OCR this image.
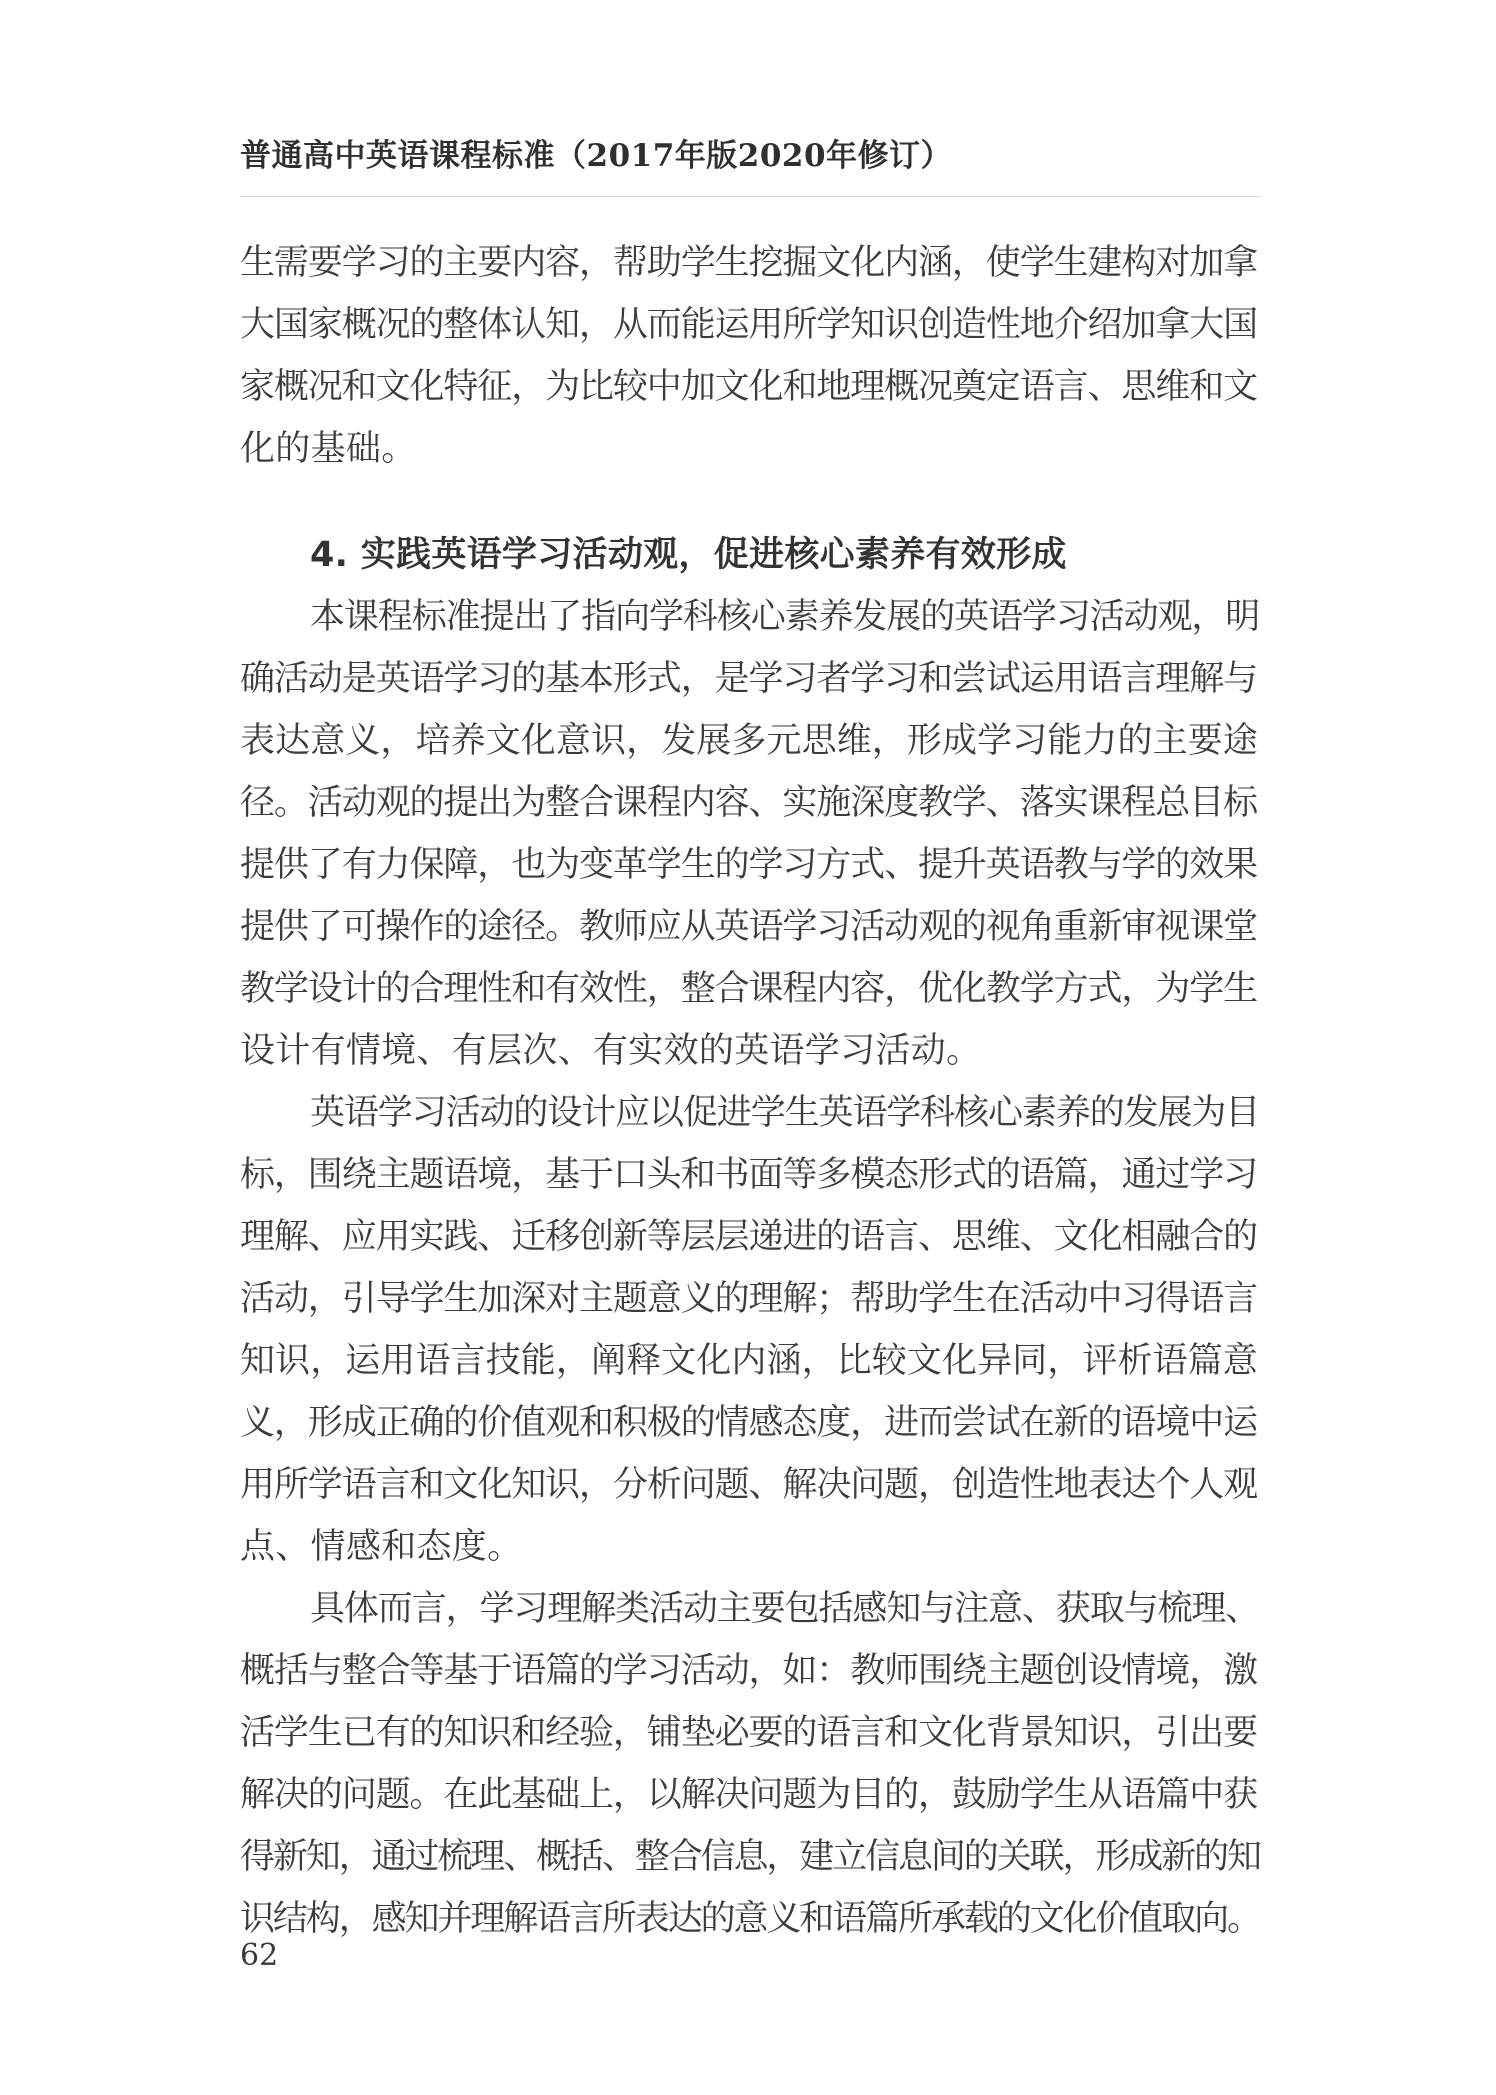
普通高中英语课程标准（2017年版2020年修订）
生需要学习的主要内容，帮助学生挖掘文化内涵，使学生建构对加拿
大国家概况的整体认知，从而能运用所学知识创造性地介绍加拿大国
家概况和文化特征，为比较中加文化和地理概况奠定语言、思维和文
化的基础。
4. 实践英语学习活动观，促进核心素养有效形成
本课程标准提出了指向学科核心素养发展的英语学习活动观，明
确活动是英语学习的基本形式，是学习者学习和尝试运用语言理解与
表达意义，培养文化意识，发展多元思维，形成学习能力的主要途
径。活动观的提出为整合课程内容、实施深度教学、落实课程总目标
提供了有力保障，也为变革学生的学习方式、提升英语教与学的效果
提供了可操作的途径。教师应从英语学习活动观的视角重新审视课堂
教学设计的合理性和有效性，整合课程内容，优化教学方式，为学生
设计有情境、有层次、有实效的英语学习活动。
英语学习活动的设计应以促进学生英语学科核心素养的发展为目
标，围绕主题语境，基于口头和书面等多模态形式的语篇，通过学习
理解、应用实践、迁移创新等层层递进的语言、思维、文化相融合的
活动，引导学生加深对主题意义的理解；帮助学生在活动中习得语言
知识，运用语言技能，阐释文化内涵，比较文化异同，评析语篇意
义，形成正确的价值观和积极的情感态度，进而尝试在新的语境中运
用所学语言和文化知识，分析问题、解决问题，创造性地表达个人观
点、情感和态度。
具体而言，学习理解类活动主要包括感知与注意、获取与梳理、
概括与整合等基于语篇的学习活动，如：教师围绕主题创设情境，激
活学生已有的知识和经验，铺垫必要的语言和文化背景知识，引出要
解决的问题。在此基础上，以解决问题为目的，鼓励学生从语篇中获
得新知，通过梳理、概括、整合信息，建立信息间的关联，形成新的知
识结构，感知并理解语言所表达的意义和语篇所承载的文化价值取向。
62
